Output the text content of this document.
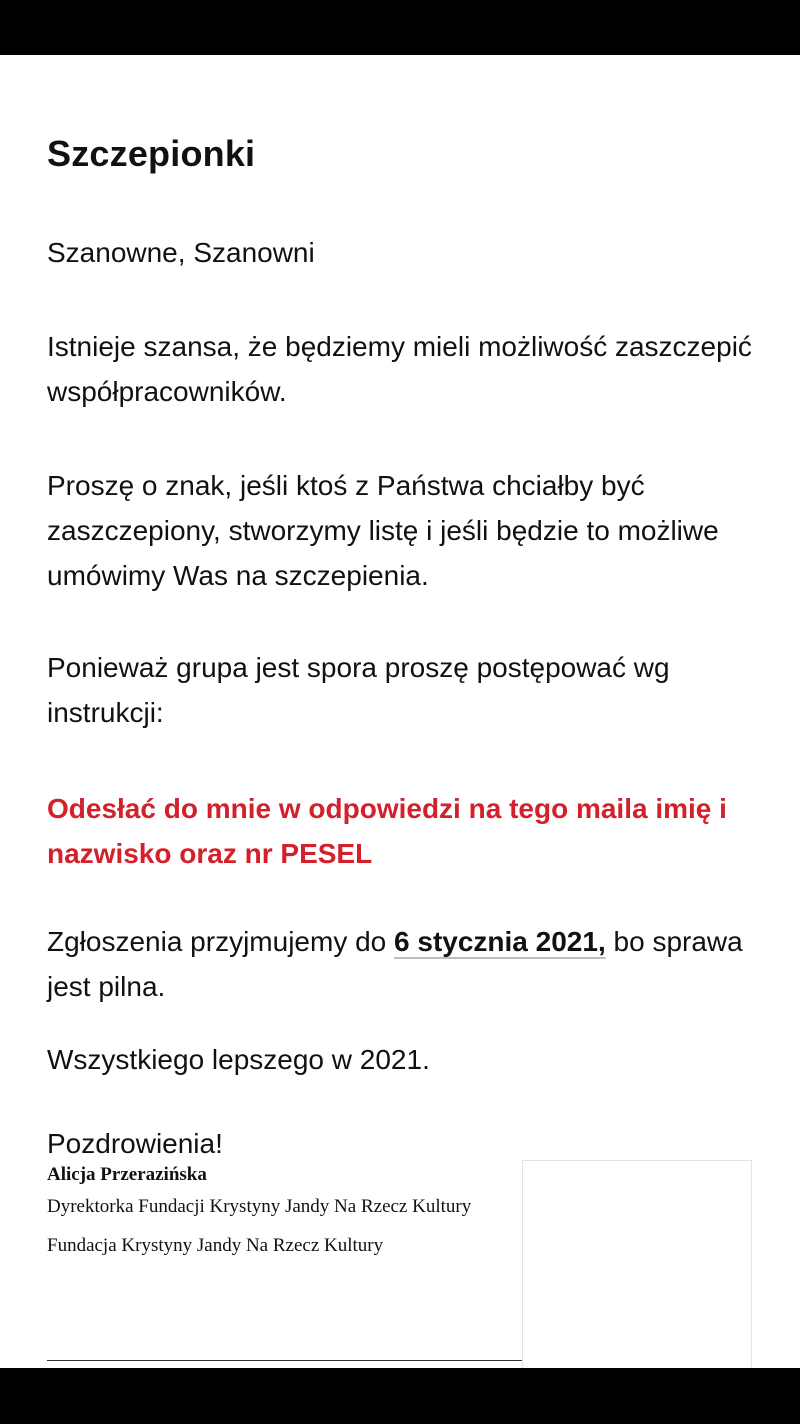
Szczepionki

Szanowne, Szanowni

Istnieje szansa, że będziemy mieli możliwość zaszczepić współpracowników.

Proszę o znak, jeśli ktoś z Państwa chciałby być zaszczepiony, stworzymy listę i jeśli będzie to możliwe umówimy Was na szczepienia.

Ponieważ grupa jest spora proszę postępować wg instrukcji:

Odesłać do mnie w odpowiedzi na tego maila imię i nazwisko oraz nr PESEL

Zgłoszenia przyjmujemy do 6 stycznia 2021, bo sprawa jest pilna.

Wszystkiego lepszego w 2021.

Pozdrowienia!

Alicja Przerazińska

Dyrektorka Fundacji Krystyny Jandy Na Rzecz Kultury

Fundacja Krystyny Jandy Na Rzecz Kultury
